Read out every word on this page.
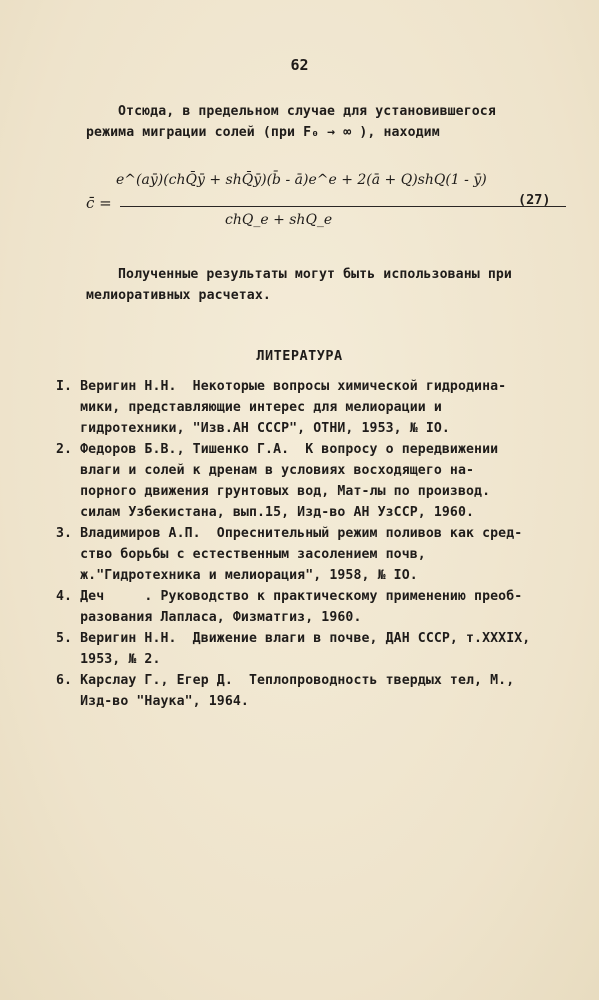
62
Отсюда, в предельном случае для установившегося
режима миграции солей (при F₀ → ∞ ), находим
c̄ =
e^(aȳ)(chQ̄ȳ + shQ̄ȳ)(b̄ - ā)e^e + 2(ā + Q)shQ(1 - ȳ)
chQ_e + shQ_e
(27)
Полученные результаты могут быть использованы при
мелиоративных расчетах.
ЛИТЕРАТУРА
I. Веригин Н.Н.  Некоторые вопросы химической гидродина-
мики, представляющие интерес для мелиорации и
гидротехники, "Изв.АН СССР", ОТНИ, 1953, № IO.
2. Федоров Б.В., Тишенко Г.А.  К вопросу о передвижении
влаги и солей к дренам в условиях восходящего на-
порного движения грунтовых вод, Мат-лы по производ.
силам Узбекистана, вып.15, Изд-во АН УзССР, 1960.
3. Владимиров А.П.  Опреснительный режим поливов как сред-
ство борьбы с естественным засолением почв,
ж."Гидротехника и мелиорация", 1958, № IO.
4. Деч     . Руководство к практическому применению преоб-
разования Лапласа, Физматгиз, 1960.
5. Веригин Н.Н.  Движение влаги в почве, ДАН СССР, т.XXXIX,
1953, № 2.
6. Карслау Г., Егер Д.  Теплопроводность твердых тел, М.,
Изд-во "Наука", 1964.
